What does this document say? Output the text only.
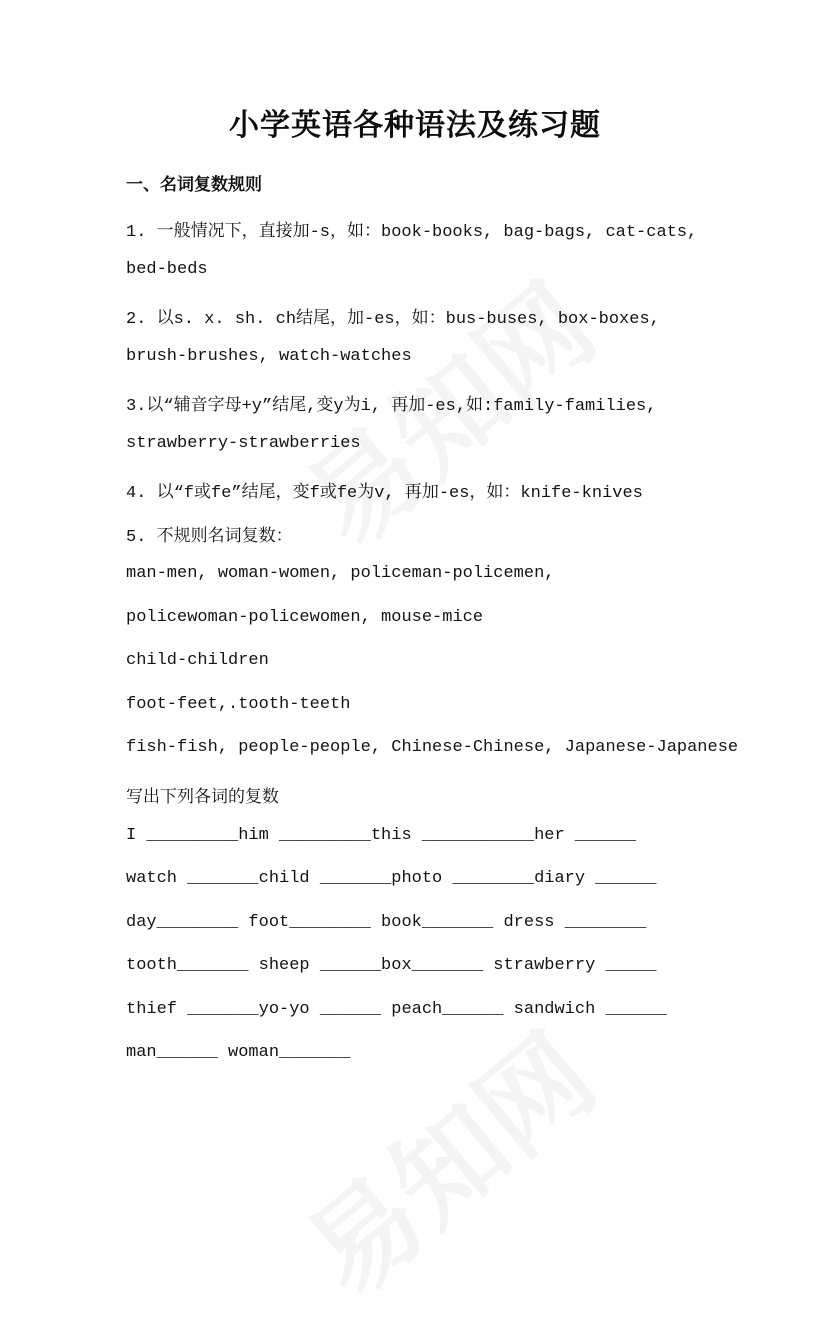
小学英语各种语法及练习题
一、名词复数规则
1. 一般情况下，直接加-s，如：book-books, bag-bags, cat-cats,
bed-beds
2. 以s. x. sh. ch结尾，加-es，如：bus-buses, box-boxes,
brush-brushes, watch-watches
3.以“辅音字母+y”结尾,变y为i, 再加-es,如:family-families,
strawberry-strawberries
4. 以“f或fe”结尾，变f或fe为v, 再加-es，如：knife-knives
5. 不规则名词复数：
man-men, woman-women, policeman-policemen,
policewoman-policewomen, mouse-mice
child-children
foot-feet,.tooth-teeth
fish-fish, people-people, Chinese-Chinese, Japanese-Japanese
写出下列各词的复数
I _________him _________this ___________her ______
watch _______child _______photo ________diary ______
day________ foot________ book_______ dress ________
tooth_______ sheep ______box_______ strawberry _____
thief _______yo-yo ______ peach______ sandwich ______
man______ woman_______
